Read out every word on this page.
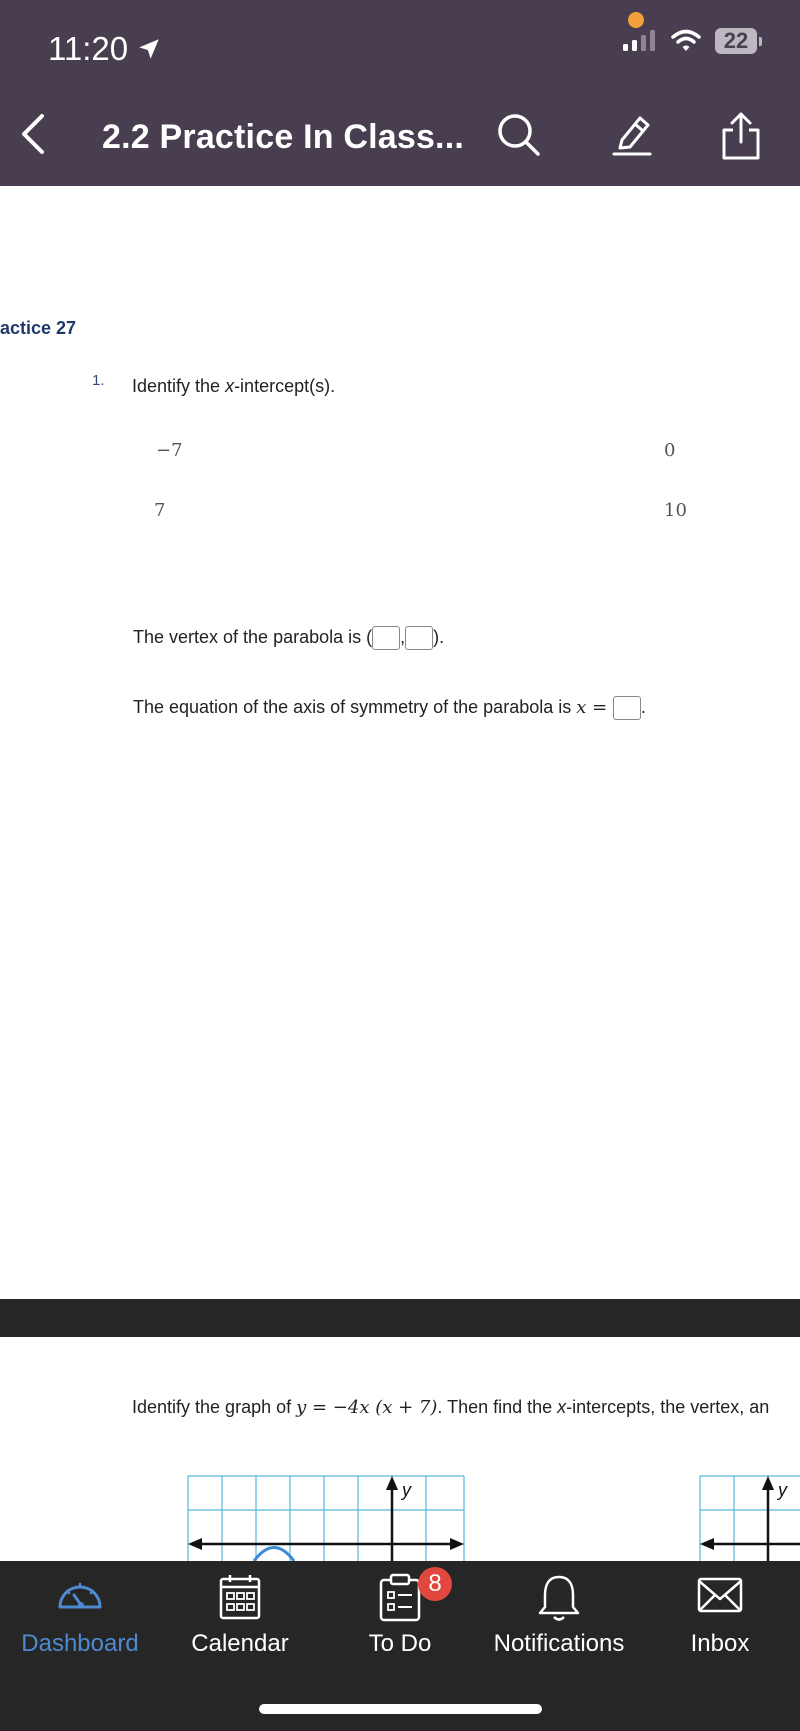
11:20	22
2.2 Practice In Class...
actice 27
1. Identify the x-intercept(s).
−7	0
7	10
The vertex of the parabola is ( , ).
The equation of the axis of symmetry of the parabola is x = .
Identify the graph of y = −4x (x + 7). Then find the x-intercepts, the vertex, an
y	y
Dashboard	Calendar
8
To Do	Notifications	Inbox
